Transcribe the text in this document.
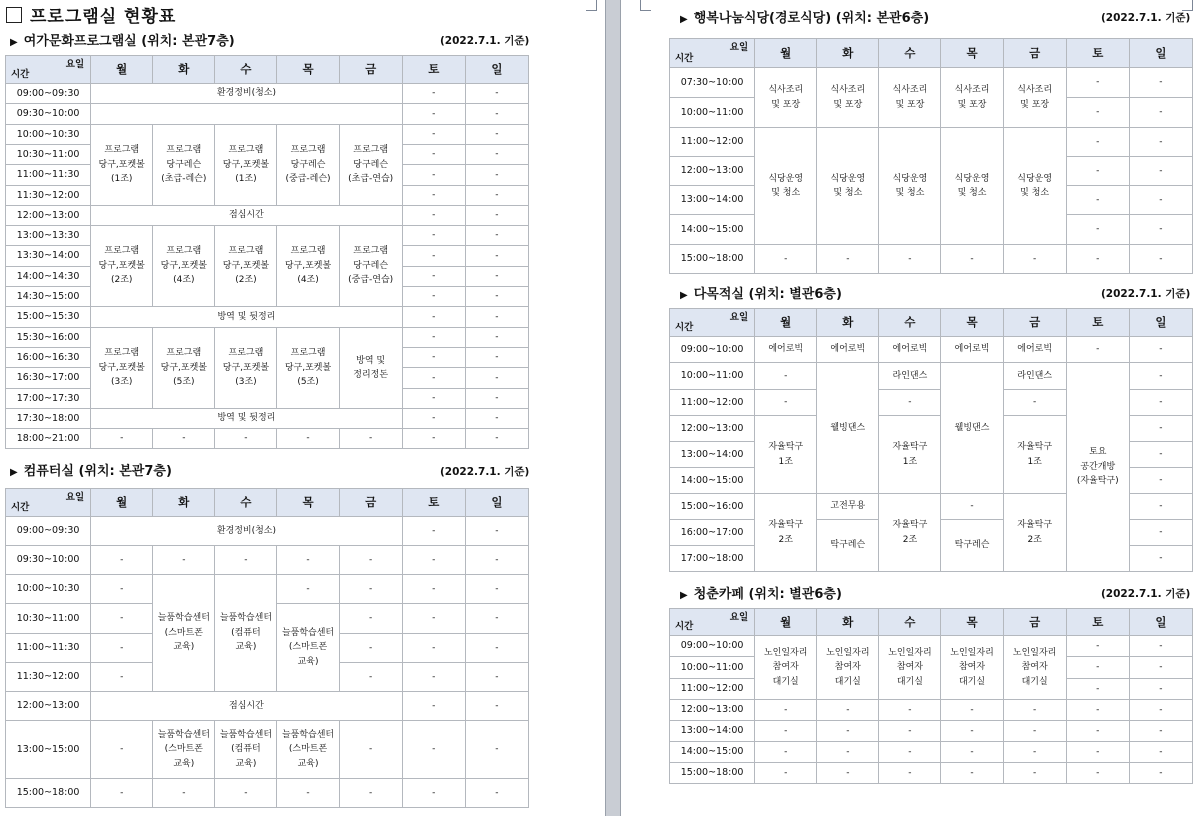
프로그램실 현황표
▶ 여가문화프로그램실 (위치: 본관7층)	(2022.7.1. 기준)
▶ 컴퓨터실 (위치: 본관7층)	(2022.7.1. 기준)
▶ 행복나눔식당(경로식당) (위치: 본관6층)	(2022.7.1. 기준)
▶ 다목적실 (위치: 별관6층)	(2022.7.1. 기준)
▶ 청춘카페 (위치: 별관6층)	(2022.7.1. 기준)
요일
시간	월	화	수	목	금	토	일
09:00~09:30	환경정비(청소)					-	-
09:30~10:00						-	-
10:00~10:30	프로그램
당구,포켓볼
(1조)	프로그램
당구레슨
(초급-레슨)	프로그램
당구,포켓볼
(1조)	프로그램
당구레슨
(중급-레슨)	프로그램
당구레슨
(초급-연습)	-	-
10:30~11:00						-	-
11:00~11:30						-	-
11:30~12:00						-	-
12:00~13:00	점심시간					-	-
13:00~13:30	프로그램
당구,포켓볼
(2조)	프로그램
당구,포켓볼
(4조)	프로그램
당구,포켓볼
(2조)	프로그램
당구,포켓볼
(4조)	프로그램
당구레슨
(중급-연습)	-	-
13:30~14:00						-	-
14:00~14:30						-	-
14:30~15:00						-	-
15:00~15:30	방역 및 뒷정리					-	-
15:30~16:00	프로그램
당구,포켓볼
(3조)	프로그램
당구,포켓볼
(5조)	프로그램
당구,포켓볼
(3조)	프로그램
당구,포켓볼
(5조)	방역 및
정리정돈	-	-
16:00~16:30						-	-
16:30~17:00						-	-
17:00~17:30						-	-
17:30~18:00	방역 및 뒷정리					-	-
18:00~21:00	-	-	-	-	-	-	-
요일
시간	월	화	수	목	금	토	일
09:00~09:30	환경정비(청소)					-	-
09:30~10:00	-	-	-	-	-	-	-
10:00~10:30	-	늘품학습센터
(스마트폰
교육)	늘품학습센터
(컴퓨터
교육)	-	-	-	-
10:30~11:00	-			늘품학습센터
(스마트폰
교육)	-	-	-
11:00~11:30	-				-	-	-
11:30~12:00	-				-	-	-
12:00~13:00	점심시간					-	-
13:00~15:00	-	늘품학습센터
(스마트폰
교육)	늘품학습센터
(컴퓨터
교육)	늘품학습센터
(스마트폰
교육)	-	-	-
15:00~18:00	-	-	-	-	-	-	-
요일
시간	월	화	수	목	금	토	일
07:30~10:00	식사조리
및 포장	식사조리
및 포장	식사조리
및 포장	식사조리
및 포장	식사조리
및 포장	-	-
10:00~11:00						-	-
11:00~12:00	식당운영
및 청소	식당운영
및 청소	식당운영
및 청소	식당운영
및 청소	식당운영
및 청소	-	-
12:00~13:00						-	-
13:00~14:00						-	-
14:00~15:00						-	-
15:00~18:00	-	-	-	-	-	-	-
요일
시간	월	화	수	목	금	토	일
09:00~10:00	에어로빅	에어로빅	에어로빅	에어로빅	에어로빅	-	-
10:00~11:00	-	웰빙댄스	라인댄스	웰빙댄스	라인댄스	토요
공간개방
(자율탁구)	-
11:00~12:00	-		-		-		-
12:00~13:00	자율탁구
1조		자율탁구
1조		자율탁구
1조		-
13:00~14:00							-
14:00~15:00							-
15:00~16:00	자율탁구
2조	고전무용	자율탁구
2조	-	자율탁구
2조		-
16:00~17:00		탁구레슨		탁구레슨			-
17:00~18:00							-
요일
시간	월	화	수	목	금	토	일
09:00~10:00	노인일자리
참여자
대기실	노인일자리
참여자
대기실	노인일자리
참여자
대기실	노인일자리
참여자
대기실	노인일자리
참여자
대기실	-	-
10:00~11:00						-	-
11:00~12:00						-	-
12:00~13:00	-	-	-	-	-	-	-
13:00~14:00	-	-	-	-	-	-	-
14:00~15:00	-	-	-	-	-	-	-
15:00~18:00	-	-	-	-	-	-	-
